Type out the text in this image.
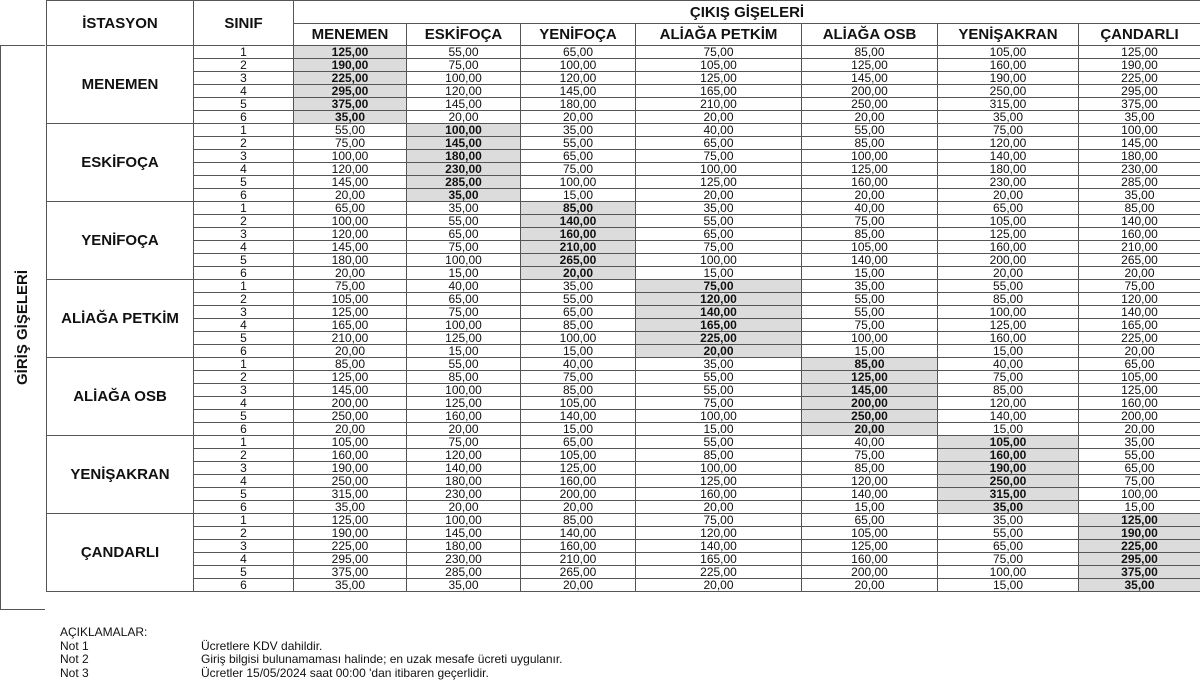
GİRİŞ GİŞELERİ
İSTASYON	SINIF	ÇIKIŞ GİŞELERİ						
		MENEMEN	ESKİFOÇA	YENİFOÇA	ALİAĞA PETKİM	ALİAĞA OSB	YENİŞAKRAN	ÇANDARLI
MENEMEN	1	125,00	55,00	65,00	75,00	85,00	105,00	125,00
	2	190,00	75,00	100,00	105,00	125,00	160,00	190,00
	3	225,00	100,00	120,00	125,00	145,00	190,00	225,00
	4	295,00	120,00	145,00	165,00	200,00	250,00	295,00
	5	375,00	145,00	180,00	210,00	250,00	315,00	375,00
	6	35,00	20,00	20,00	20,00	20,00	35,00	35,00
ESKİFOÇA	1	55,00	100,00	35,00	40,00	55,00	75,00	100,00
	2	75,00	145,00	55,00	65,00	85,00	120,00	145,00
	3	100,00	180,00	65,00	75,00	100,00	140,00	180,00
	4	120,00	230,00	75,00	100,00	125,00	180,00	230,00
	5	145,00	285,00	100,00	125,00	160,00	230,00	285,00
	6	20,00	35,00	15,00	20,00	20,00	20,00	35,00
YENİFOÇA	1	65,00	35,00	85,00	35,00	40,00	65,00	85,00
	2	100,00	55,00	140,00	55,00	75,00	105,00	140,00
	3	120,00	65,00	160,00	65,00	85,00	125,00	160,00
	4	145,00	75,00	210,00	75,00	105,00	160,00	210,00
	5	180,00	100,00	265,00	100,00	140,00	200,00	265,00
	6	20,00	15,00	20,00	15,00	15,00	20,00	20,00
ALİAĞA PETKİM	1	75,00	40,00	35,00	75,00	35,00	55,00	75,00
	2	105,00	65,00	55,00	120,00	55,00	85,00	120,00
	3	125,00	75,00	65,00	140,00	55,00	100,00	140,00
	4	165,00	100,00	85,00	165,00	75,00	125,00	165,00
	5	210,00	125,00	100,00	225,00	100,00	160,00	225,00
	6	20,00	15,00	15,00	20,00	15,00	15,00	20,00
ALİAĞA OSB	1	85,00	55,00	40,00	35,00	85,00	40,00	65,00
	2	125,00	85,00	75,00	55,00	125,00	75,00	105,00
	3	145,00	100,00	85,00	55,00	145,00	85,00	125,00
	4	200,00	125,00	105,00	75,00	200,00	120,00	160,00
	5	250,00	160,00	140,00	100,00	250,00	140,00	200,00
	6	20,00	20,00	15,00	15,00	20,00	15,00	20,00
YENİŞAKRAN	1	105,00	75,00	65,00	55,00	40,00	105,00	35,00
	2	160,00	120,00	105,00	85,00	75,00	160,00	55,00
	3	190,00	140,00	125,00	100,00	85,00	190,00	65,00
	4	250,00	180,00	160,00	125,00	120,00	250,00	75,00
	5	315,00	230,00	200,00	160,00	140,00	315,00	100,00
	6	35,00	20,00	20,00	20,00	15,00	35,00	15,00
ÇANDARLI	1	125,00	100,00	85,00	75,00	65,00	35,00	125,00
	2	190,00	145,00	140,00	120,00	105,00	55,00	190,00
	3	225,00	180,00	160,00	140,00	125,00	65,00	225,00
	4	295,00	230,00	210,00	165,00	160,00	75,00	295,00
	5	375,00	285,00	265,00	225,00	200,00	100,00	375,00
	6	35,00	35,00	20,00	20,00	20,00	15,00	35,00
AÇIKLAMALAR:
Not 1	Ücretlere KDV dahildir.
Not 2	Giriş bilgisi bulunamaması halinde; en uzak mesafe ücreti uygulanır.
Not 3	Ücretler 15/05/2024 saat 00:00 'dan itibaren geçerlidir.
